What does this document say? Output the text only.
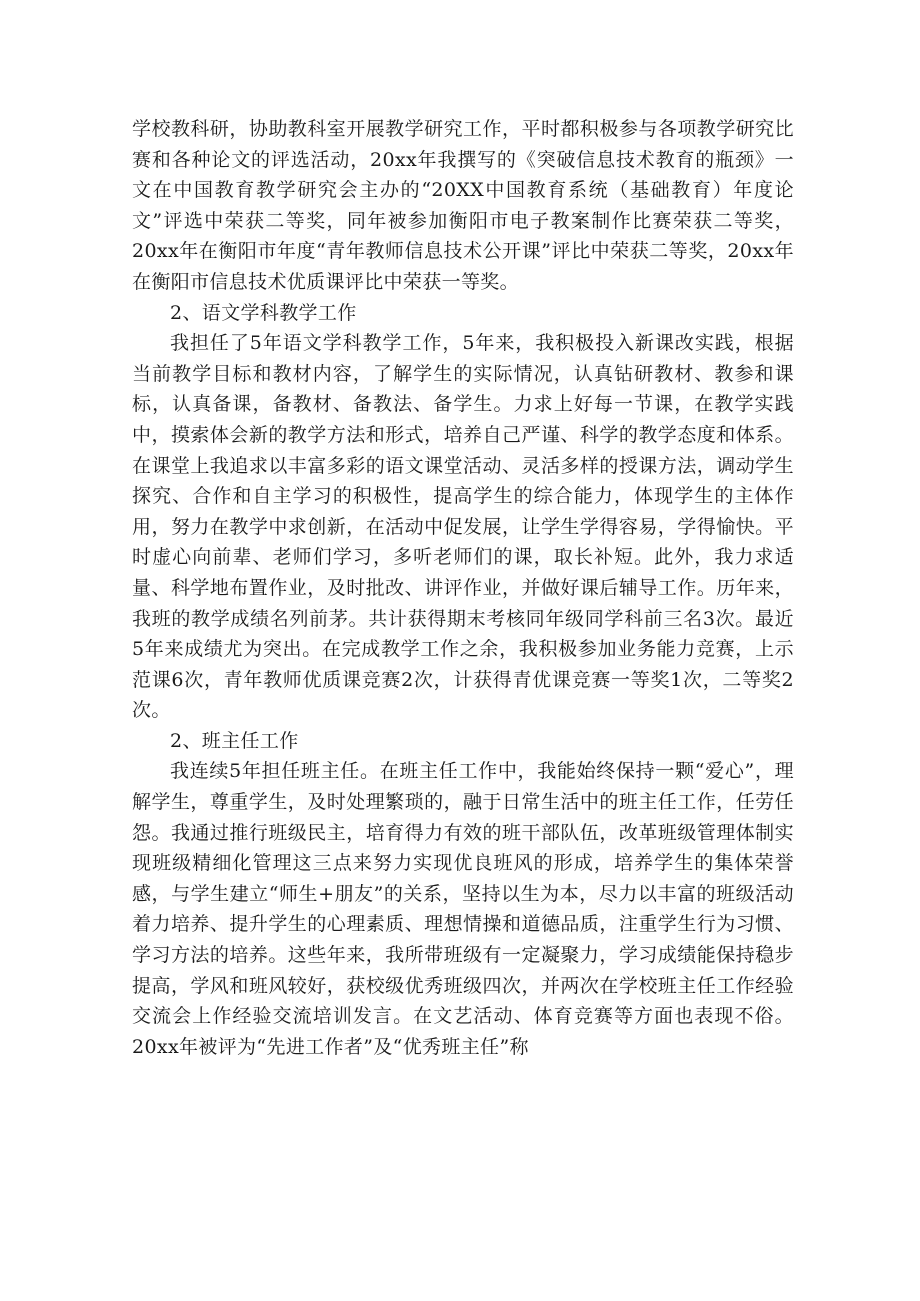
学校教科研，协助教科室开展教学研究工作，平时都积极参与各项教学研究比赛和各种论文的评选活动，20xx年我撰写的《突破信息技术教育的瓶颈》一文在中国教育教学研究会主办的“20XX中国教育系统（基础教育）年度论文”评选中荣获二等奖，同年被参加衡阳市电子教案制作比赛荣获二等奖，20xx年在衡阳市年度“青年教师信息技术公开课”评比中荣获二等奖，20xx年在衡阳市信息技术优质课评比中荣获一等奖。

2、语文学科教学工作

我担任了5年语文学科教学工作，5年来，我积极投入新课改实践，根据当前教学目标和教材内容，了解学生的实际情况，认真钻研教材、教参和课标，认真备课，备教材、备教法、备学生。力求上好每一节课，在教学实践中，摸索体会新的教学方法和形式，培养自己严谨、科学的教学态度和体系。在课堂上我追求以丰富多彩的语文课堂活动、灵活多样的授课方法，调动学生探究、合作和自主学习的积极性，提高学生的综合能力，体现学生的主体作用，努力在教学中求创新，在活动中促发展，让学生学得容易，学得愉快。平时虚心向前辈、老师们学习，多听老师们的课，取长补短。此外，我力求适量、科学地布置作业，及时批改、讲评作业，并做好课后辅导工作。历年来，我班的教学成绩名列前茅。共计获得期末考核同年级同学科前三名3次。最近5年来成绩尤为突出。在完成教学工作之余，我积极参加业务能力竞赛，上示范课6次，青年教师优质课竞赛2次，计获得青优课竞赛一等奖1次，二等奖2次。

2、班主任工作

我连续5年担任班主任。在班主任工作中，我能始终保持一颗“爱心”，理解学生，尊重学生，及时处理繁琐的，融于日常生活中的班主任工作，任劳任怨。我通过推行班级民主，培育得力有效的班干部队伍，改革班级管理体制实现班级精细化管理这三点来努力实现优良班风的形成，培养学生的集体荣誉感，与学生建立“师生+朋友”的关系，坚持以生为本，尽力以丰富的班级活动着力培养、提升学生的心理素质、理想情操和道德品质，注重学生行为习惯、学习方法的培养。这些年来，我所带班级有一定凝聚力，学习成绩能保持稳步提高，学风和班风较好，获校级优秀班级四次，并两次在学校班主任工作经验交流会上作经验交流培训发言。在文艺活动、体育竞赛等方面也表现不俗。20xx年被评为“先进工作者”及“优秀班主任”称
